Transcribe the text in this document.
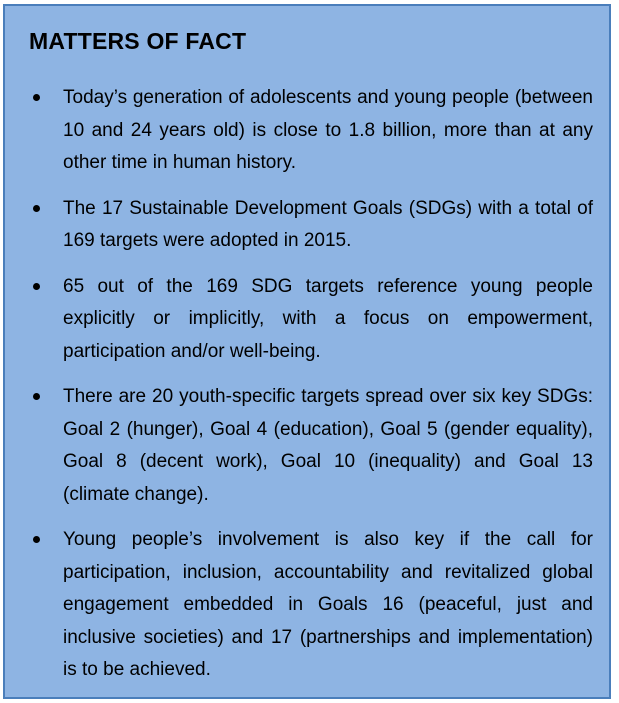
MATTERS OF FACT
Today’s generation of adolescents and young people (between 10 and 24 years old) is close to 1.8 billion, more than at any other time in human history.
The 17 Sustainable Development Goals (SDGs) with a total of 169 targets were adopted in 2015.
65 out of the 169 SDG targets reference young people explicitly or implicitly, with a focus on empowerment, participation and/or well-being.
There are 20 youth-specific targets spread over six key SDGs: Goal 2 (hunger), Goal 4 (education), Goal 5 (gender equality), Goal 8 (decent work), Goal 10 (inequality) and Goal 13 (climate change).
Young people’s involvement is also key if the call for participation, inclusion, accountability and revitalized global engagement embedded in Goals 16 (peaceful, just and inclusive societies) and 17 (partnerships and implementation) is to be achieved.
